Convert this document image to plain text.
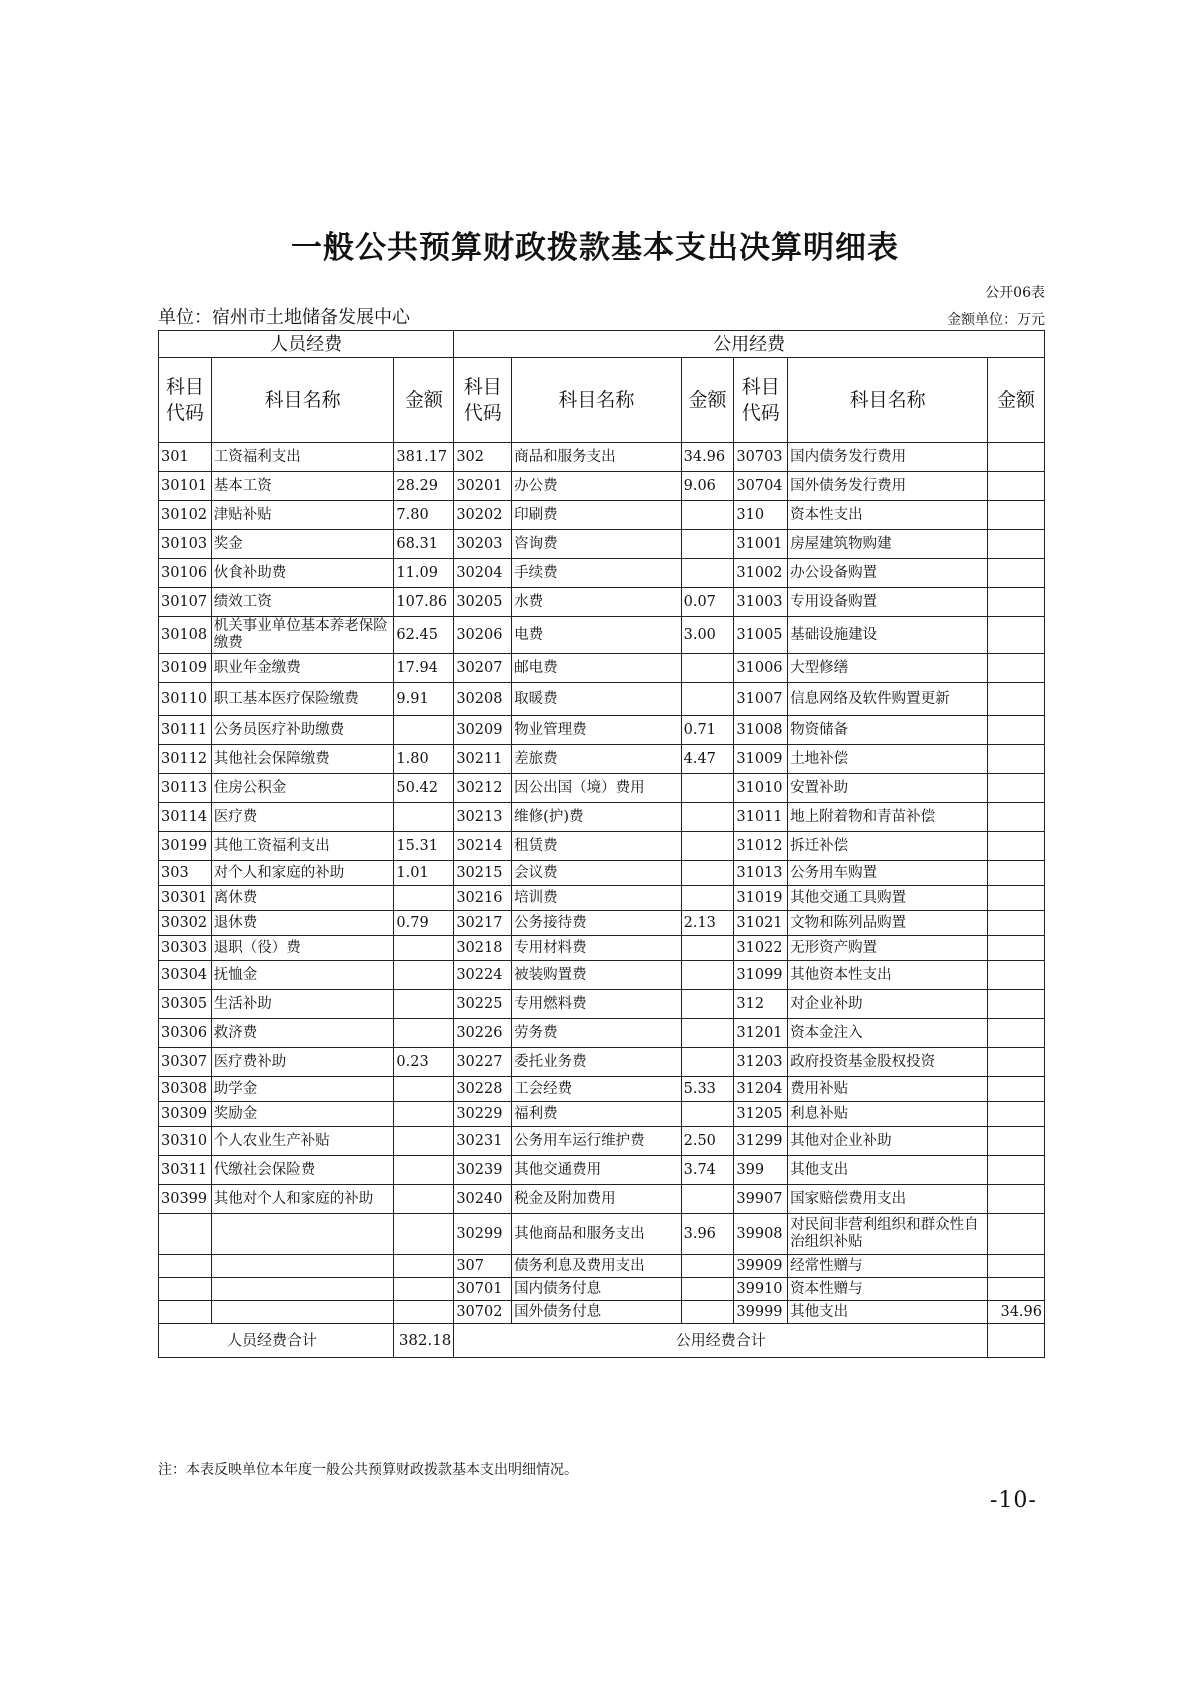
一般公共预算财政拨款基本支出决算明细表
公开06表
单位：宿州市土地储备发展中心	金额单位：万元
人员经费			公用经费					
科目代码	科目名称	金额	科目代码	科目名称	金额	科目代码	科目名称	金额
301	工资福利支出	381.17	302	商品和服务支出	34.96	30703	国内债务发行费用	
30101	基本工资	28.29	30201	办公费	9.06	30704	国外债务发行费用	
30102	津贴补贴	7.80	30202	印刷费		310	资本性支出	
30103	奖金	68.31	30203	咨询费		31001	房屋建筑物购建	
30106	伙食补助费	11.09	30204	手续费		31002	办公设备购置	
30107	绩效工资	107.86	30205	水费	0.07	31003	专用设备购置	
30108	机关事业单位基本养老保险缴费	62.45	30206	电费	3.00	31005	基础设施建设	
30109	职业年金缴费	17.94	30207	邮电费		31006	大型修缮	
30110	职工基本医疗保险缴费	9.91	30208	取暖费		31007	信息网络及软件购置更新	
30111	公务员医疗补助缴费		30209	物业管理费	0.71	31008	物资储备	
30112	其他社会保障缴费	1.80	30211	差旅费	4.47	31009	土地补偿	
30113	住房公积金	50.42	30212	因公出国（境）费用		31010	安置补助	
30114	医疗费		30213	维修(护)费		31011	地上附着物和青苗补偿	
30199	其他工资福利支出	15.31	30214	租赁费		31012	拆迁补偿	
303	对个人和家庭的补助	1.01	30215	会议费		31013	公务用车购置	
30301	离休费		30216	培训费		31019	其他交通工具购置	
30302	退休费	0.79	30217	公务接待费	2.13	31021	文物和陈列品购置	
30303	退职（役）费		30218	专用材料费		31022	无形资产购置	
30304	抚恤金		30224	被装购置费		31099	其他资本性支出	
30305	生活补助		30225	专用燃料费		312	对企业补助	
30306	救济费		30226	劳务费		31201	资本金注入	
30307	医疗费补助	0.23	30227	委托业务费		31203	政府投资基金股权投资	
30308	助学金		30228	工会经费	5.33	31204	费用补贴	
30309	奖励金		30229	福利费		31205	利息补贴	
30310	个人农业生产补贴		30231	公务用车运行维护费	2.50	31299	其他对企业补助	
30311	代缴社会保险费		30239	其他交通费用	3.74	399	其他支出	
30399	其他对个人和家庭的补助		30240	税金及附加费用		39907	国家赔偿费用支出	
			30299	其他商品和服务支出	3.96	39908	对民间非营利组织和群众性自治组织补贴	
			307	债务利息及费用支出		39909	经常性赠与	
			30701	国内债务付息		39910	资本性赠与	
			30702	国外债务付息		39999	其他支出	34.96
人员经费合计		382.18	公用经费合计					
注：本表反映单位本年度一般公共预算财政拨款基本支出明细情况。
-10-
